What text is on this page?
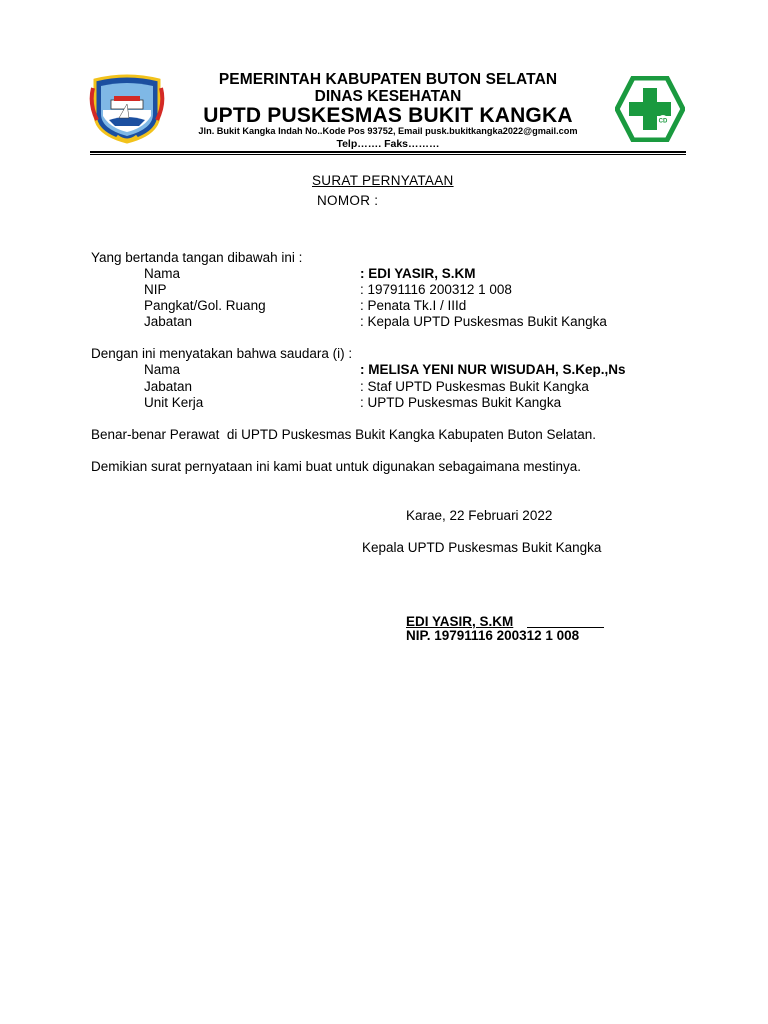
CD
PEMERINTAH KABUPATEN BUTON SELATAN
DINAS KESEHATAN
UPTD PUSKESMAS BUKIT KANGKA
Jln. Bukit Kangka Indah No..Kode Pos 93752, Email pusk.bukitkangka2022@gmail.com
Telp……. Faks………
SURAT PERNYATAAN
NOMOR :
Yang bertanda tangan dibawah ini :
Nama	: EDI YASIR, S.KM
NIP	: 19791116 200312 1 008
Pangkat/Gol. Ruang	: Penata Tk.I / IIId
Jabatan	: Kepala UPTD Puskesmas Bukit Kangka
Dengan ini menyatakan bahwa saudara (i) :
Nama	: MELISA YENI NUR WISUDAH, S.Kep.,Ns
Jabatan	: Staf UPTD Puskesmas Bukit Kangka
Unit Kerja	: UPTD Puskesmas Bukit Kangka
Benar-benar Perawat  di UPTD Puskesmas Bukit Kangka Kabupaten Buton Selatan.
Demikian surat pernyataan ini kami buat untuk digunakan sebagaimana mestinya.
Karae, 22 Februari 2022
Kepala UPTD Puskesmas Bukit Kangka
EDI YASIR, S.KM
NIP. 19791116 200312 1 008
